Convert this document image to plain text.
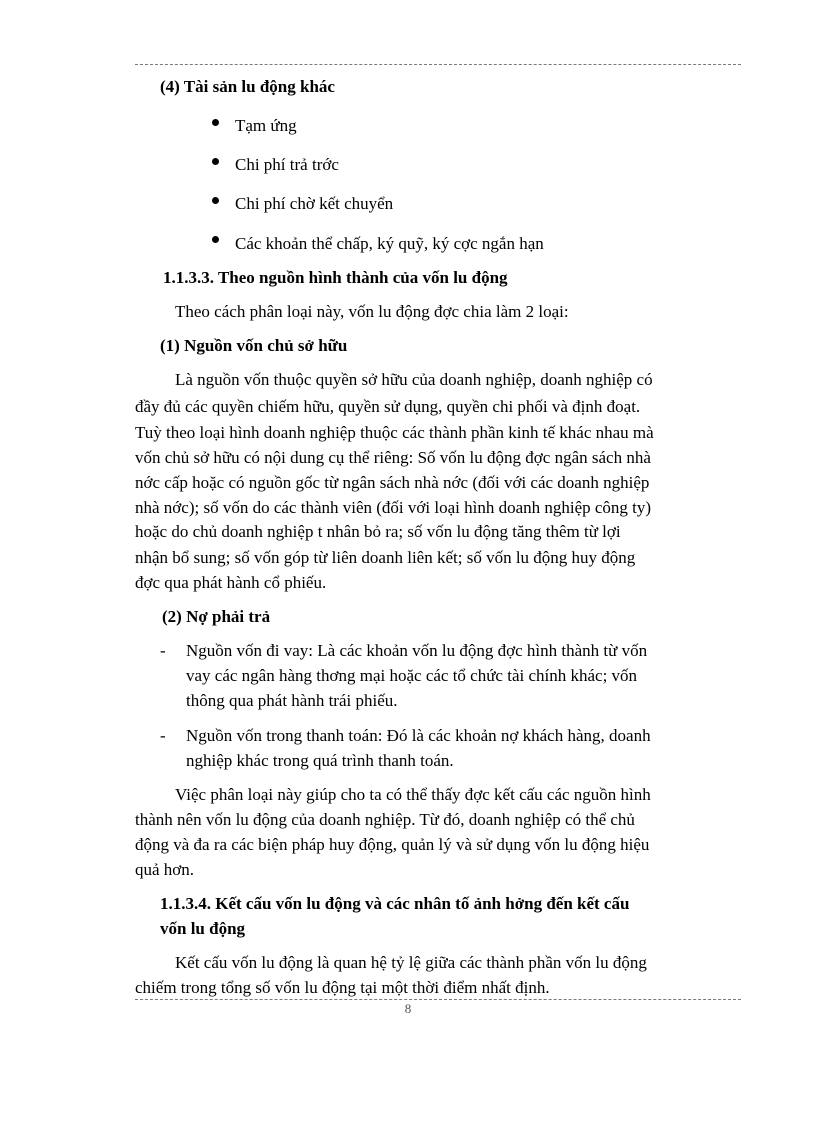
(4) Tài sản lu động khác
Tạm ứng
Chi phí trả trớc
Chi phí chờ kết chuyển
Các khoản thể chấp, ký quỹ, ký cợc ngắn hạn
1.1.3.3. Theo nguồn hình thành của vốn lu động
Theo cách phân loại này, vốn lu động đợc chia làm 2 loại:
(1) Nguồn vốn chủ sở hữu
Là nguồn vốn thuộc quyền sở hữu của doanh nghiệp, doanh nghiệp có
đầy đủ các quyền chiếm hữu, quyền sử dụng, quyền chi phối và định đoạt.
Tuỳ theo loại hình doanh nghiệp thuộc các thành phần kinh tế khác nhau mà
vốn chủ sở hữu có nội dung cụ thể riêng: Số vốn lu động đợc ngân sách nhà
nớc cấp hoặc có nguồn gốc từ ngân sách nhà nớc (đối với các doanh nghiệp
nhà nớc); số vốn do các thành viên (đối với loại hình doanh nghiệp công ty)
hoặc do chủ doanh nghiệp t nhân bỏ ra; số vốn lu động tăng thêm từ lợi
nhận bổ sung; số vốn góp từ liên doanh liên kết; số vốn lu động huy động
đợc qua phát hành cổ phiếu.
(2) Nợ phải trả
- Nguồn vốn đi vay: Là các khoản vốn lu động đợc hình thành từ vốn
vay các ngân hàng thơng mại hoặc các tổ chức tài chính khác; vốn
thông qua phát hành trái phiếu.
- Nguồn vốn trong thanh toán: Đó là các khoản nợ khách hàng, doanh
nghiệp khác trong quá trình thanh toán.
Việc phân loại này giúp cho ta có thể thấy đợc kết cấu các nguồn hình
thành nên vốn lu động của doanh nghiệp. Từ đó, doanh nghiệp có thể chủ
động và đa ra các biện pháp huy động, quản lý và sử dụng vốn lu động hiệu
quả hơn.
1.1.3.4. Kết cấu vốn lu động và các nhân tố ảnh hởng đến kết cấu
vốn lu động
Kết cấu vốn lu động là quan hệ tỷ lệ giữa các thành phần vốn lu động
chiếm trong tổng số vốn lu động tại một thời điểm nhất định.
8
